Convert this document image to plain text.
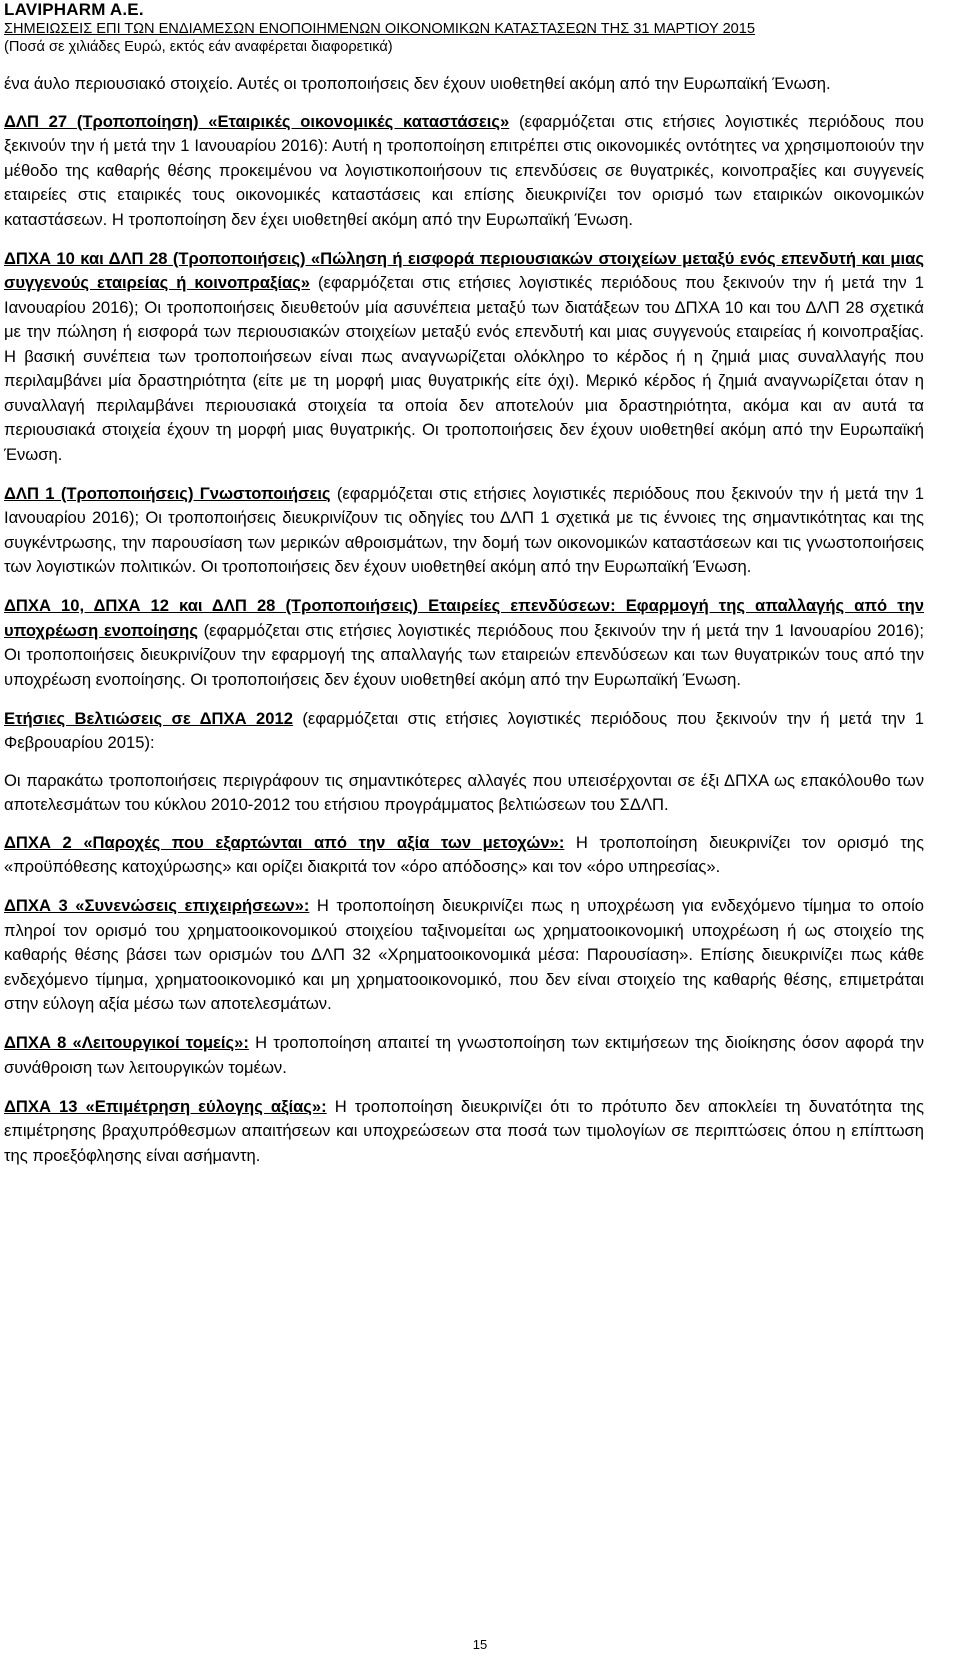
LAVIPHARM A.E.
ΣΗΜΕΙΩΣΕΙΣ ΕΠΙ ΤΩΝ ΕΝΔΙΑΜΕΣΩΝ ΕΝΟΠΟΙΗΜΕΝΩΝ ΟΙΚΟΝΟΜΙΚΩΝ ΚΑΤΑΣΤΑΣΕΩΝ ΤΗΣ 31 ΜΑΡΤΙΟΥ 2015
(Ποσά σε χιλιάδες Ευρώ, εκτός εάν αναφέρεται διαφορετικά)

ένα άυλο περιουσιακό στοιχείο. Αυτές οι τροποποιήσεις δεν έχουν υιοθετηθεί ακόμη από την Ευρωπαϊκή Ένωση.

ΔΛΠ 27 (Τροποποίηση) «Εταιρικές οικονομικές καταστάσεις» (εφαρμόζεται στις ετήσιες λογιστικές περιόδους που ξεκινούν την ή μετά την 1 Ιανουαρίου 2016): Αυτή η τροποποίηση επιτρέπει στις οικονομικές οντότητες να χρησιμοποιούν την μέθοδο της καθαρής θέσης προκειμένου να λογιστικοποιήσουν τις επενδύσεις σε θυγατρικές, κοινοπραξίες και συγγενείς εταιρείες στις εταιρικές τους οικονομικές καταστάσεις και επίσης διευκρινίζει τον ορισμό των εταιρικών οικονομικών καταστάσεων. Η τροποποίηση δεν έχει υιοθετηθεί ακόμη από την Ευρωπαϊκή Ένωση.

ΔΠΧΑ 10 και ΔΛΠ 28 (Τροποποιήσεις) «Πώληση ή εισφορά περιουσιακών στοιχείων μεταξύ ενός επενδυτή και μιας συγγενούς εταιρείας ή κοινοπραξίας» (εφαρμόζεται στις ετήσιες λογιστικές περιόδους που ξεκινούν την ή μετά την 1 Ιανουαρίου 2016); Οι τροποποιήσεις διευθετούν μία ασυνέπεια μεταξύ των διατάξεων του ΔΠΧΑ 10 και του ΔΛΠ 28 σχετικά με την πώληση ή εισφορά των περιουσιακών στοιχείων μεταξύ ενός επενδυτή και μιας συγγενούς εταιρείας ή κοινοπραξίας. Η βασική συνέπεια των τροποποιήσεων είναι πως αναγνωρίζεται ολόκληρο το κέρδος ή η ζημιά μιας συναλλαγής που περιλαμβάνει μία δραστηριότητα (είτε με τη μορφή μιας θυγατρικής είτε όχι). Μερικό κέρδος ή ζημιά αναγνωρίζεται όταν η συναλλαγή περιλαμβάνει περιουσιακά στοιχεία τα οποία δεν αποτελούν μια δραστηριότητα, ακόμα και αν αυτά τα περιουσιακά στοιχεία έχουν τη μορφή μιας θυγατρικής. Οι τροποποιήσεις δεν έχουν υιοθετηθεί ακόμη από την Ευρωπαϊκή Ένωση.

ΔΛΠ 1 (Τροποποιήσεις) Γνωστοποιήσεις (εφαρμόζεται στις ετήσιες λογιστικές περιόδους που ξεκινούν την ή μετά την 1 Ιανουαρίου 2016); Οι τροποποιήσεις διευκρινίζουν τις οδηγίες του ΔΛΠ 1 σχετικά με τις έννοιες της σημαντικότητας και της συγκέντρωσης, την παρουσίαση των μερικών αθροισμάτων, την δομή των οικονομικών καταστάσεων και τις γνωστοποιήσεις των λογιστικών πολιτικών. Οι τροποποιήσεις δεν έχουν υιοθετηθεί ακόμη από την Ευρωπαϊκή Ένωση.

ΔΠΧΑ 10, ΔΠΧΑ 12 και ΔΛΠ 28 (Τροποποιήσεις) Εταιρείες επενδύσεων: Εφαρμογή της απαλλαγής από την υποχρέωση ενοποίησης (εφαρμόζεται στις ετήσιες λογιστικές περιόδους που ξεκινούν την ή μετά την 1 Ιανουαρίου 2016); Οι τροποποιήσεις διευκρινίζουν την εφαρμογή της απαλλαγής των εταιρειών επενδύσεων και των θυγατρικών τους από την υποχρέωση ενοποίησης. Οι τροποποιήσεις δεν έχουν υιοθετηθεί ακόμη από την Ευρωπαϊκή Ένωση.

Ετήσιες Βελτιώσεις σε ΔΠΧΑ 2012 (εφαρμόζεται στις ετήσιες λογιστικές περιόδους που ξεκινούν την ή μετά την 1 Φεβρουαρίου 2015):

Οι παρακάτω τροποποιήσεις περιγράφουν τις σημαντικότερες αλλαγές που υπεισέρχονται σε έξι ΔΠΧΑ ως επακόλουθο των αποτελεσμάτων του κύκλου 2010-2012 του ετήσιου προγράμματος βελτιώσεων του ΣΔΛΠ.

ΔΠΧΑ 2 «Παροχές που εξαρτώνται από την αξία των μετοχών»: Η τροποποίηση διευκρινίζει τον ορισμό της «προϋπόθεσης κατοχύρωσης» και ορίζει διακριτά τον «όρο απόδοσης» και τον «όρο υπηρεσίας».

ΔΠΧΑ 3 «Συνενώσεις επιχειρήσεων»: Η τροποποίηση διευκρινίζει πως η υποχρέωση για ενδεχόμενο τίμημα το οποίο πληροί τον ορισμό του χρηματοοικονομικού στοιχείου ταξινομείται ως χρηματοοικονομική υποχρέωση ή ως στοιχείο της καθαρής θέσης βάσει των ορισμών του ΔΛΠ 32 «Χρηματοοικονομικά μέσα: Παρουσίαση». Επίσης διευκρινίζει πως κάθε ενδεχόμενο τίμημα, χρηματοοικονομικό και μη χρηματοοικονομικό, που δεν είναι στοιχείο της καθαρής θέσης, επιμετράται στην εύλογη αξία μέσω των αποτελεσμάτων.

ΔΠΧΑ 8 «Λειτουργικοί τομείς»: Η τροποποίηση απαιτεί τη γνωστοποίηση των εκτιμήσεων της διοίκησης όσον αφορά την συνάθροιση των λειτουργικών τομέων.

ΔΠΧΑ 13 «Επιμέτρηση εύλογης αξίας»: Η τροποποίηση διευκρινίζει ότι το πρότυπο δεν αποκλείει τη δυνατότητα της επιμέτρησης βραχυπρόθεσμων απαιτήσεων και υποχρεώσεων στα ποσά των τιμολογίων σε περιπτώσεις όπου η επίπτωση της προεξόφλησης είναι ασήμαντη.

15
